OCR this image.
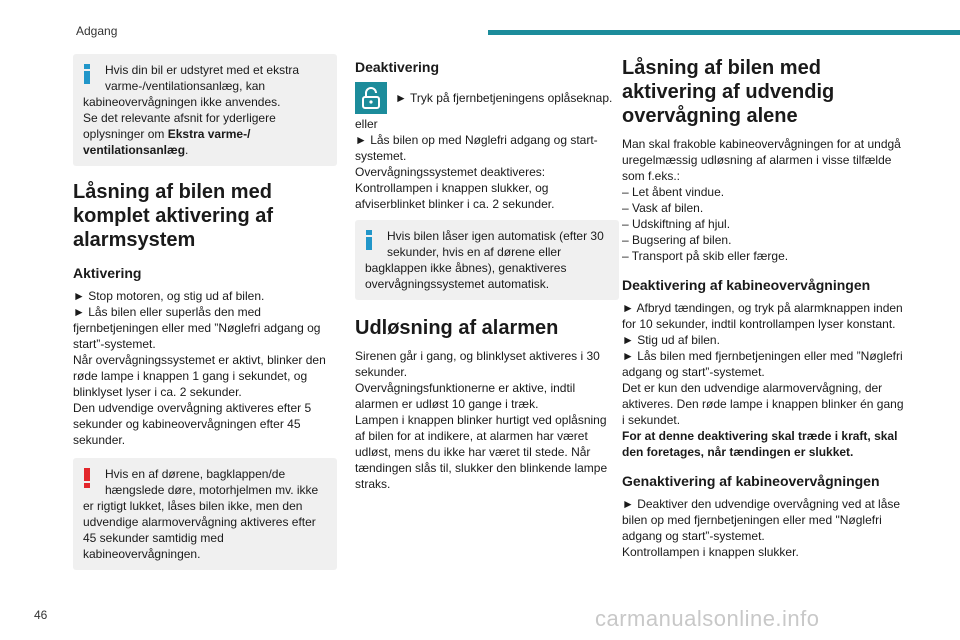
Adgang

Hvis din bil er udstyret med et ekstra varme-/ventilationsanlæg, kan

kabineovervågningen ikke anvendes.

Se det relevante afsnit for yderligere oplysninger om Ekstra varme-/ ventilationsanlæg.

Låsning af bilen med komplet aktivering af alarmsystem
Aktivering

► Stop motoren, og stig ud af bilen.

► Lås bilen eller superlås den med fjernbetjeningen eller med ”Nøglefri adgang og start”-systemet.

Når overvågningssystemet er aktivt, blinker den røde lampe i knappen 1 gang i sekundet, og blinklyset lyser i ca. 2 sekunder.

Den udvendige overvågning aktiveres efter 5 sekunder og kabineovervågningen efter 45 sekunder.

Hvis en af dørene, bagklappen/de hængslede døre, motorhjelmen mv. ikke

er rigtigt lukket, låses bilen ikke, men den udvendige alarmovervågning aktiveres efter 45 sekunder samtidig med kabineovervågningen.

Deaktivering

► Tryk på fjernbetjeningens oplåseknap.

eller

► Lås bilen op med Nøglefri adgang og start-systemet.

Overvågningssystemet deaktiveres:

Kontrollampen i knappen slukker, og afviserblinket blinker i ca. 2 sekunder.

Hvis bilen låser igen automatisk (efter 30 sekunder, hvis en af dørene eller

bagklappen ikke åbnes), genaktiveres overvågningssystemet automatisk.

Udløsning af alarmen

Sirenen går i gang, og blinklyset aktiveres i 30 sekunder.

Overvågningsfunktionerne er aktive, indtil alarmen er udløst 10 gange i træk.

Lampen i knappen blinker hurtigt ved oplåsning af bilen for at indikere, at alarmen har været udløst, mens du ikke har været til stede. Når tændingen slås til, slukker den blinkende lampe straks.

Låsning af bilen med aktivering af udvendig overvågning alene

Man skal frakoble kabineovervågningen for at undgå uregelmæssig udløsning af alarmen i visse tilfælde som f.eks.:

– Let åbent vindue.

– Vask af bilen.

– Udskiftning af hjul.

– Bugsering af bilen.

– Transport på skib eller færge.

Deaktivering af kabineovervågningen

► Afbryd tændingen, og tryk på alarmknappen inden for 10 sekunder, indtil kontrollampen lyser konstant.

► Stig ud af bilen.

► Lås bilen med fjernbetjeningen eller med ”Nøglefri adgang og start”-systemet.

Det er kun den udvendige alarmovervågning, der aktiveres. Den røde lampe i knappen blinker én gang i sekundet.

For at denne deaktivering skal træde i kraft, skal den foretages, når tændingen er slukket.

Genaktivering af kabineovervågningen

► Deaktiver den udvendige overvågning ved at låse bilen op med fjernbetjeningen eller med "Nøglefri adgang og start”-systemet.

Kontrollampen i knappen slukker.

46	carmanualsonline.info
